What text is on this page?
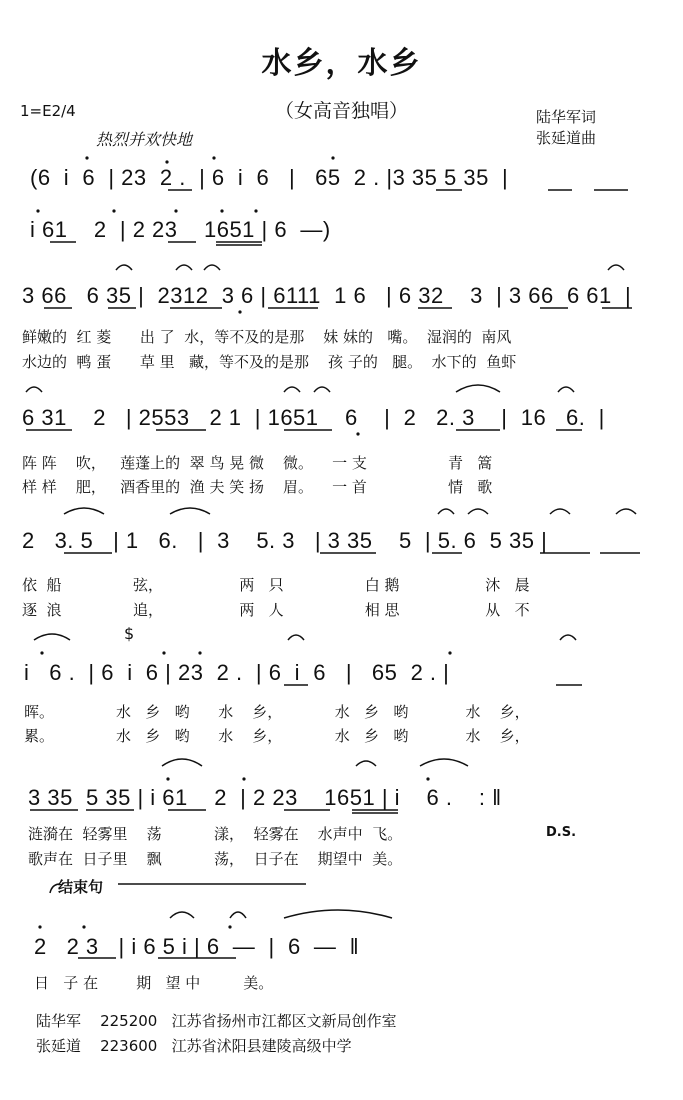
水乡，水乡
（女高音独唱）
1=E2/4
热烈并欢快地
陆华军词
张延道曲
(6  i  6  | 23  2 .  | 6  i  6   |   65  2 . |3 35 5 35  |
i 61    2  | 2 23    1651 | 6  —)
3 66   6 35 |  2312  3 6 | 6111  1 6   | 6 32    3  | 3 66  6 61  |
鲜嫩的  红 菱      出 了  水，等不及的是那    妹 妹的   嘴。  湿润的  南风
水边的  鸭 蛋      草 里   藏，等不及的是那    孩 子的   腿。  水下的  鱼虾
6 31    2   | 2553   2 1  | 1651    6    |  2   2. 3    |  16   6.  |
阵 阵    吹，   莲蓬上的  翠 鸟 晃 微    微。    一 支                 青   篙
样 样    肥，   酒香里的  渔 夫 笑 扬    眉。    一 首                 情   歌
2   3. 5   | 1   6.   |  3    5. 3   | 3 35    5  | 5. 6  5 35 |
依  船               弦，                两   只                 白 鹅                  沐   晨
逐  浪               追，                两   人                 相 思                  从   不
$
i   6 .  | 6  i  6 | 23  2 .  | 6  i  6   |   65  2 . |
晖。             水   乡   哟      水    乡，           水   乡   哟            水    乡，
累。             水   乡   哟      水    乡，           水   乡   哟            水    乡，
3 35  5 35 | i 61    2  | 2 23    1651 | i    6 .    : ‖
涟漪在  轻雾里    荡           漾，  轻雾在    水声中  飞。
歌声在  日子里    飘           荡，  日子在    期望中  美。
D.S.
结束句
2   2 3   | i 6 5 i | 6  —  |  6  —  ‖
日   子 在        期   望 中         美。
陆华军    225200   江苏省扬州市江都区文新局创作室
张延道    223600   江苏省沭阳县建陵高级中学
